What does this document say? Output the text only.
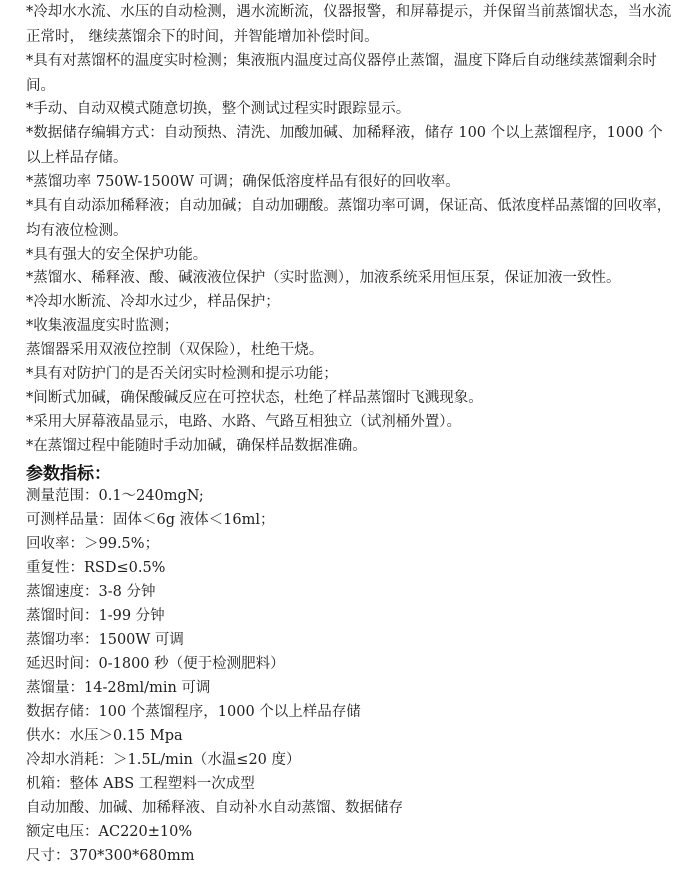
*冷却水水流、水压的自动检测，遇水流断流，仪器报警，和屏幕提示，并保留当前蒸馏状态，当水流正常时， 继续蒸馏余下的时间，并智能增加补偿时间。
*具有对蒸馏杯的温度实时检测；集液瓶内温度过高仪器停止蒸馏，温度下降后自动继续蒸馏剩余时间。
*手动、自动双模式随意切换，整个测试过程实时跟踪显示。
*数据储存编辑方式：自动预热、清洗、加酸加碱、加稀释液，储存 100 个以上蒸馏程序，1000 个以上样品存储。
*蒸馏功率 750W-1500W 可调；确保低溶度样品有很好的回收率。
*具有自动添加稀释液；自动加碱；自动加硼酸。蒸馏功率可调，保证高、低浓度样品蒸馏的回收率，均有液位检测。
*具有强大的安全保护功能。
*蒸馏水、稀释液、酸、碱液液位保护（实时监测），加液系统采用恒压泵，保证加液一致性。
*冷却水断流、冷却水过少，样品保护；
*收集液温度实时监测；
蒸馏器采用双液位控制（双保险），杜绝干烧。
*具有对防护门的是否关闭实时检测和提示功能；
*间断式加碱，确保酸碱反应在可控状态，杜绝了样品蒸馏时飞溅现象。
*采用大屏幕液晶显示，电路、水路、气路互相独立（试剂桶外置）。
*在蒸馏过程中能随时手动加碱，确保样品数据准确。
参数指标：
测量范围：0.1～240mgN;
可测样品量：固体＜6g 液体＜16ml；
回收率：＞99.5%；
重复性：RSD≤0.5%
蒸馏速度：3-8 分钟
蒸馏时间：1-99 分钟
蒸馏功率：1500W 可调
延迟时间：0-1800 秒（便于检测肥料）
蒸馏量：14-28ml/min 可调
数据存储：100 个蒸馏程序，1000 个以上样品存储
供水：水压＞0.15 Mpa
冷却水消耗：＞1.5L/min（水温≤20 度）
机箱：整体 ABS 工程塑料一次成型
自动加酸、加碱、加稀释液、自动补水自动蒸馏、数据储存
额定电压：AC220±10%
尺寸：370*300*680mm
